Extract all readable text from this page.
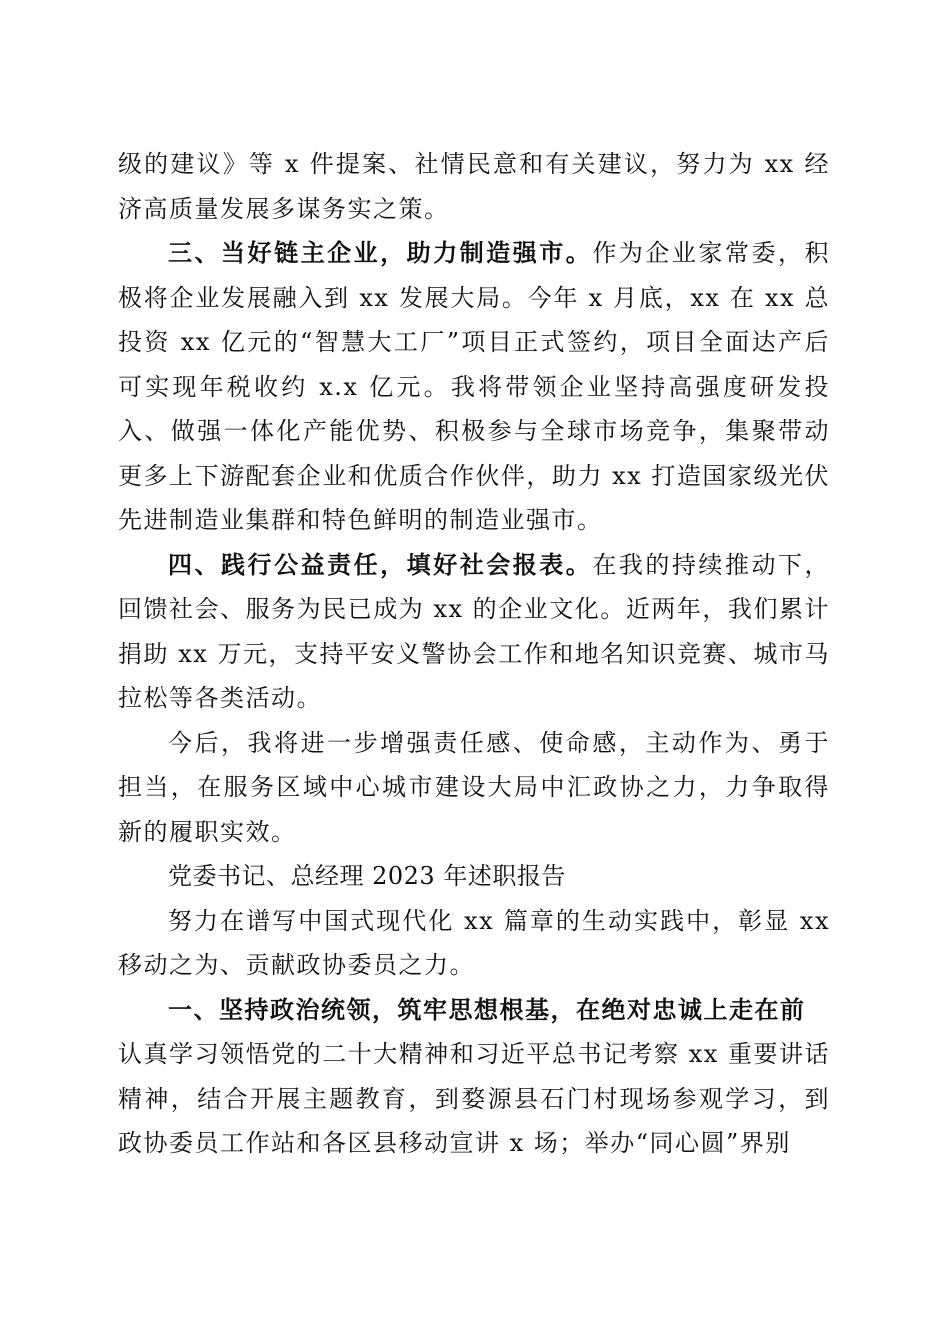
级的建议》等 x 件提案、社情民意和有关建议，努力为 xx 经济高质量发展多谋务实之策。

三、当好链主企业，助力制造强市。作为企业家常委，积极将企业发展融入到 xx 发展大局。今年 x 月底，xx 在 xx 总投资 xx 亿元的“智慧大工厂”项目正式签约，项目全面达产后可实现年税收约 x.x 亿元。我将带领企业坚持高强度研发投入、做强一体化产能优势、积极参与全球市场竞争，集聚带动更多上下游配套企业和优质合作伙伴，助力 xx 打造国家级光伏先进制造业集群和特色鲜明的制造业强市。

四、践行公益责任，填好社会报表。在我的持续推动下，回馈社会、服务为民已成为 xx 的企业文化。近两年，我们累计捐助 xx 万元，支持平安义警协会工作和地名知识竞赛、城市马拉松等各类活动。

今后，我将进一步增强责任感、使命感，主动作为、勇于担当，在服务区域中心城市建设大局中汇政协之力，力争取得新的履职实效。

党委书记、总经理 2023 年述职报告

努力在谱写中国式现代化 xx 篇章的生动实践中，彰显 xx 移动之为、贡献政协委员之力。

一、坚持政治统领，筑牢思想根基，在绝对忠诚上走在前

认真学习领悟党的二十大精神和习近平总书记考察 xx 重要讲话精神，结合开展主题教育，到婺源县石门村现场参观学习，到政协委员工作站和各区县移动宣讲 x 场；举办“同心圆”界别
